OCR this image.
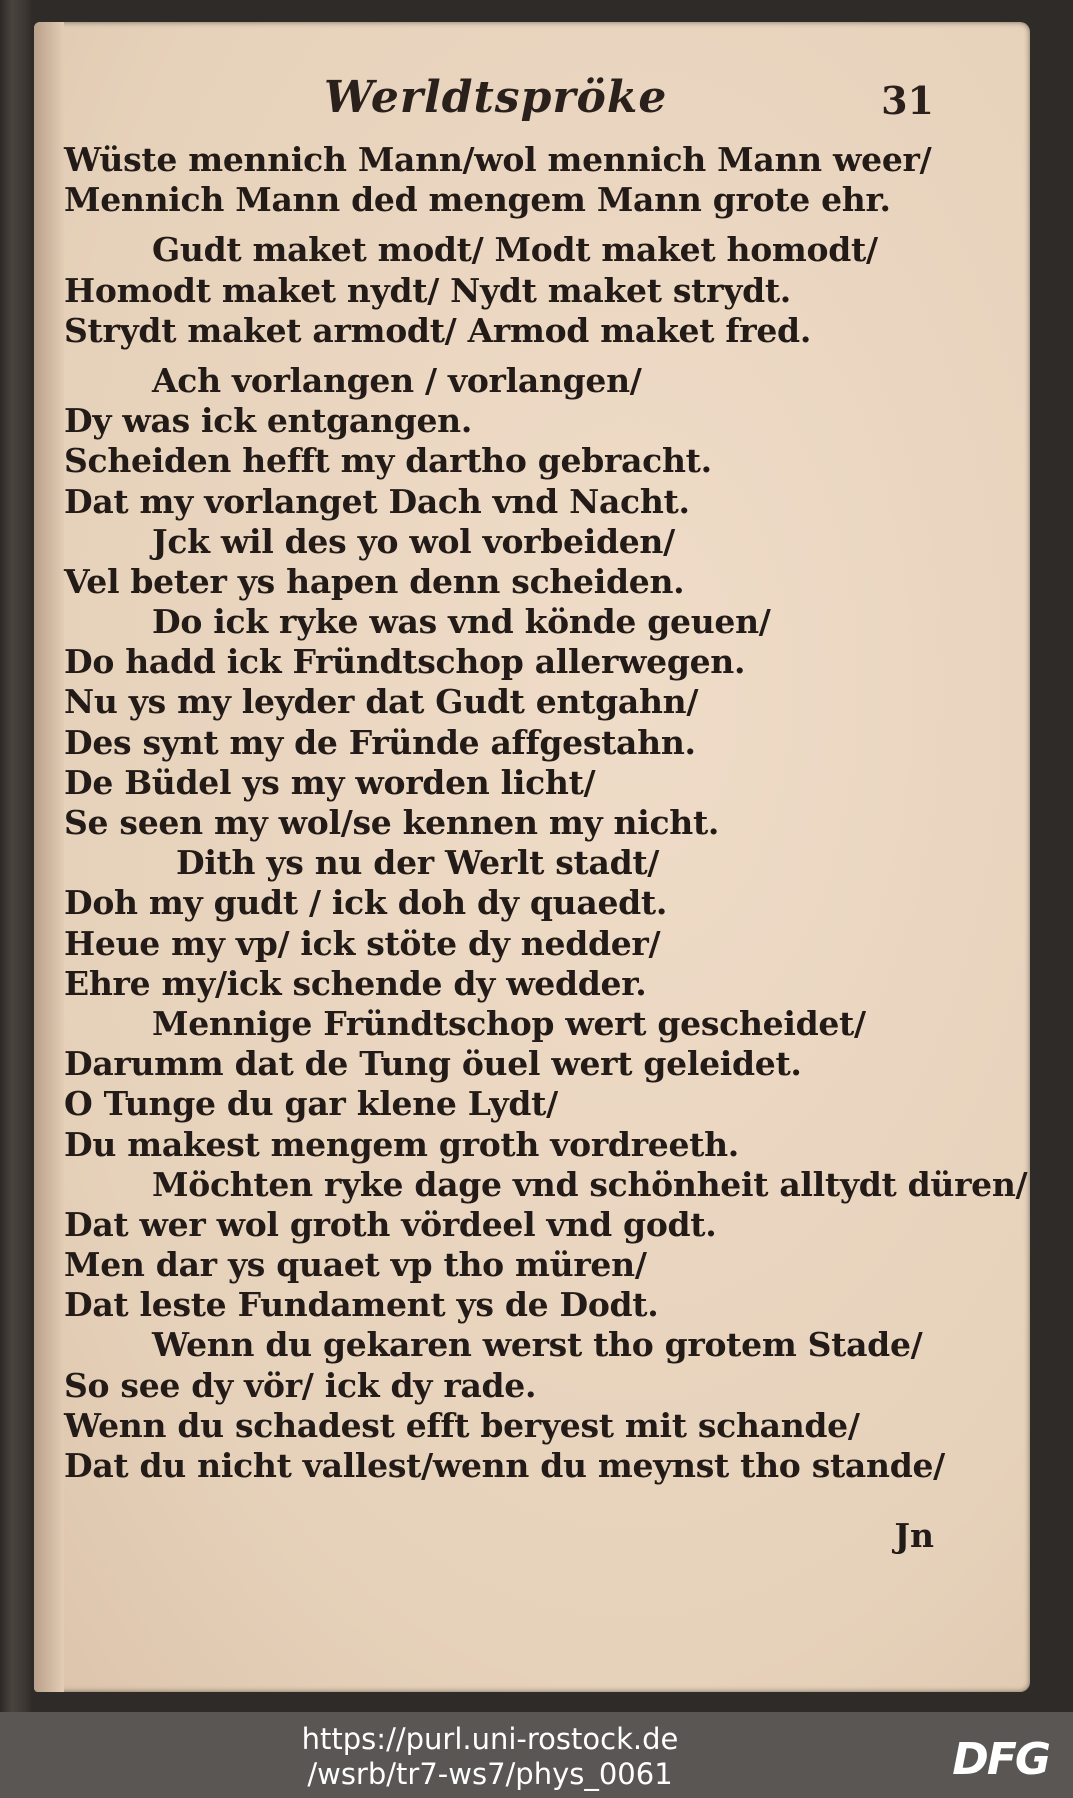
Werldtspröke	31
Wüste mennich Mann/wol mennich Mann weer/
Mennich Mann ded mengem Mann grote ehr.
Gudt maket modt/ Modt maket homodt/
Homodt maket nydt/ Nydt maket strydt.
Strydt maket armodt/ Armod maket fred.
Ach vorlangen / vorlangen/
Dy was ick entgangen.
Scheiden hefft my dartho gebracht.
Dat my vorlanget Dach vnd Nacht.
Jck wil des yo wol vorbeiden/
Vel beter ys hapen denn scheiden.
Do ick ryke was vnd könde geuen/
Do hadd ick Fründtschop allerwegen.
Nu ys my leyder dat Gudt entgahn/
Des synt my de Fründe affgestahn.
De Büdel ys my worden licht/
Se seen my wol/se kennen my nicht.
Dith ys nu der Werlt stadt/
Doh my gudt / ick doh dy quaedt.
Heue my vp/ ick stöte dy nedder/
Ehre my/ick schende dy wedder.
Mennige Fründtschop wert gescheidet/
Darumm dat de Tung öuel wert geleidet.
O Tunge du gar klene Lydt/
Du makest mengem groth vordreeth.
Möchten ryke dage vnd schönheit alltydt düren/
Dat wer wol groth vördeel vnd godt.
Men dar ys quaet vp tho müren/
Dat leste Fundament ys de Dodt.
Wenn du gekaren werst tho grotem Stade/
So see dy vör/ ick dy rade.
Wenn du schadest efft beryest mit schande/
Dat du nicht vallest/wenn du meynst tho stande/
Jn
https://purl.uni-rostock.de
/wsrb/tr7-ws7/phys_0061	DFG
